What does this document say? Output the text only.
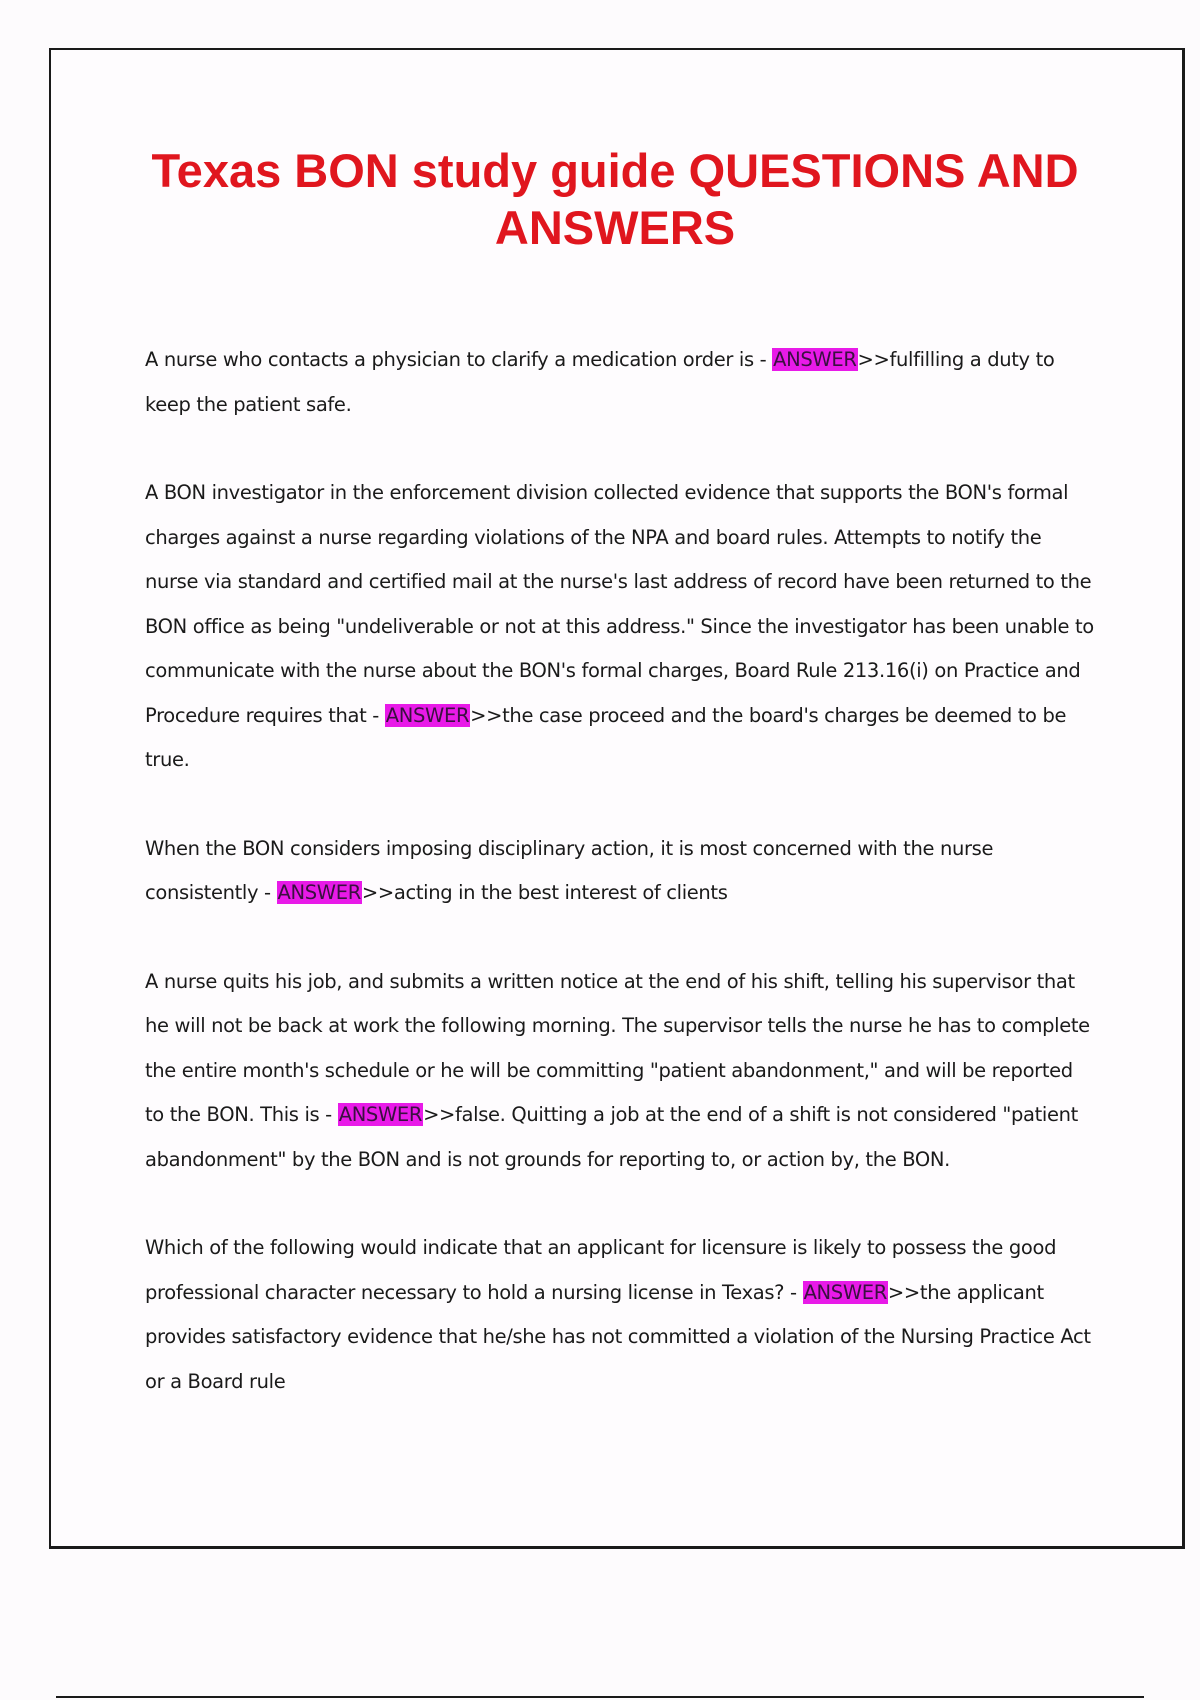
Texas BON study guide QUESTIONS AND ANSWERS

A nurse who contacts a physician to clarify a medication order is - ANSWER>>fulfilling a duty to keep the patient safe.

A BON investigator in the enforcement division collected evidence that supports the BON's formal charges against a nurse regarding violations of the NPA and board rules. Attempts to notify the nurse via standard and certified mail at the nurse's last address of record have been returned to the BON office as being "undeliverable or not at this address." Since the investigator has been unable to communicate with the nurse about the BON's formal charges, Board Rule 213.16(i) on Practice and Procedure requires that - ANSWER>>the case proceed and the board's charges be deemed to be true.

When the BON considers imposing disciplinary action, it is most concerned with the nurse consistently - ANSWER>>acting in the best interest of clients

A nurse quits his job, and submits a written notice at the end of his shift, telling his supervisor that he will not be back at work the following morning. The supervisor tells the nurse he has to complete the entire month's schedule or he will be committing "patient abandonment," and will be reported to the BON. This is - ANSWER>>false. Quitting a job at the end of a shift is not considered "patient abandonment" by the BON and is not grounds for reporting to, or action by, the BON.

Which of the following would indicate that an applicant for licensure is likely to possess the good professional character necessary to hold a nursing license in Texas? - ANSWER>>the applicant provides satisfactory evidence that he/she has not committed a violation of the Nursing Practice Act or a Board rule
